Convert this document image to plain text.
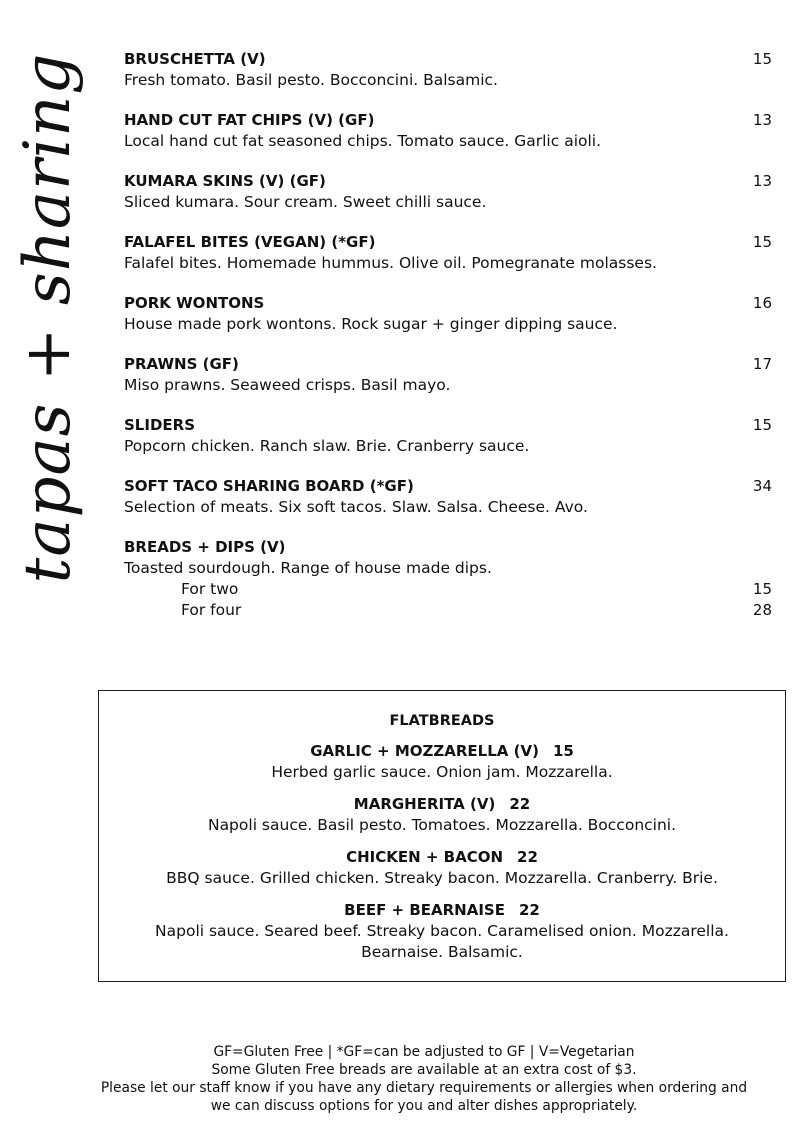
tapas + sharing	BRUSCHETTA (V)	15
Fresh tomato. Basil pesto. Bocconcini. Balsamic.
HAND CUT FAT CHIPS (V) (GF)	13
Local hand cut fat seasoned chips. Tomato sauce. Garlic aioli.
KUMARA SKINS (V) (GF)	13
Sliced kumara. Sour cream. Sweet chilli sauce.
FALAFEL BITES (VEGAN) (*GF)	15
Falafel bites. Homemade hummus. Olive oil. Pomegranate molasses.
PORK WONTONS	16
House made pork wontons. Rock sugar + ginger dipping sauce.
PRAWNS (GF)	17
Miso prawns. Seaweed crisps. Basil mayo.
SLIDERS	15
Popcorn chicken. Ranch slaw. Brie. Cranberry sauce.
SOFT TACO SHARING BOARD (*GF)	34
Selection of meats. Six soft tacos. Slaw. Salsa. Cheese. Avo.
BREADS + DIPS (V)
Toasted sourdough. Range of house made dips.
For two	15
For four	28
FLATBREADS
GARLIC + MOZZARELLA (V) 15
Herbed garlic sauce. Onion jam. Mozzarella.
MARGHERITA (V) 22
Napoli sauce. Basil pesto. Tomatoes. Mozzarella. Bocconcini.
CHICKEN + BACON 22
BBQ sauce. Grilled chicken. Streaky bacon. Mozzarella. Cranberry. Brie.
BEEF + BEARNAISE 22
Napoli sauce. Seared beef. Streaky bacon. Caramelised onion. Mozzarella.
Bearnaise. Balsamic.
GF=Gluten Free | *GF=can be adjusted to GF | V=Vegetarian
Some Gluten Free breads are available at an extra cost of $3.
Please let our staff know if you have any dietary requirements or allergies when ordering and
we can discuss options for you and alter dishes appropriately.
